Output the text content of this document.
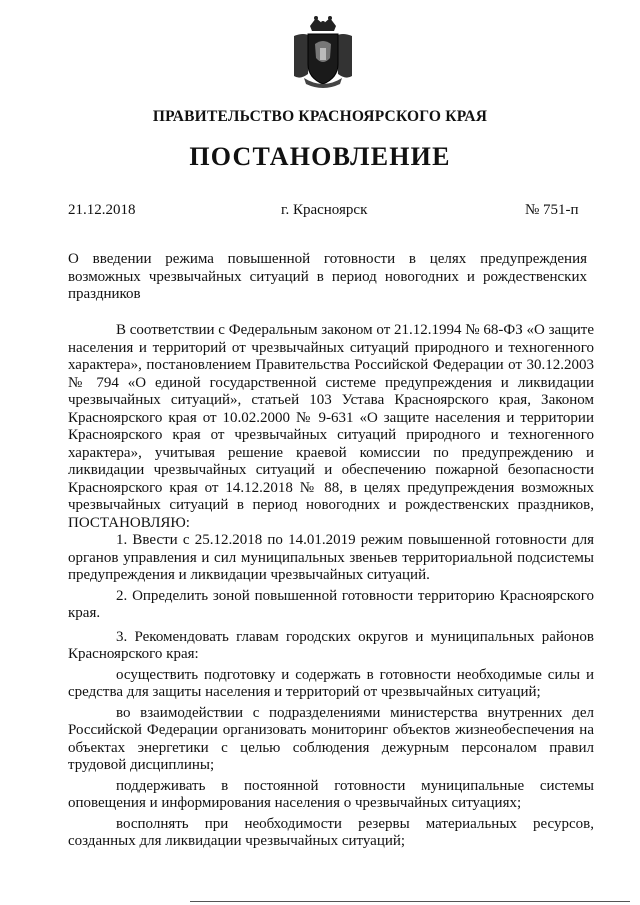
ПРАВИТЕЛЬСТВО КРАСНОЯРСКОГО КРАЯ
ПОСТАНОВЛЕНИЕ
21.12.2018	г. Красноярск	№ 751-п
О введении режима повышенной готовности в целях предупреждения возможных чрезвычайных ситуаций в период новогодних и рождественских праздников

В соответствии с Федеральным законом от 21.12.1994 № 68-ФЗ «О защите населения и территорий от чрезвычайных ситуаций природного и техногенного характера», постановлением Правительства Российской Федерации от 30.12.2003 № 794 «О единой государственной системе предупреждения и ликвидации чрезвычайных ситуаций», статьей 103 Устава Красноярского края, Законом Красноярского края от 10.02.2000 № 9-631 «О защите населения и территории Красноярского края от чрезвычайных ситуаций природного и техногенного характера», учитывая решение краевой комиссии по предупреждению и ликвидации чрезвычайных ситуаций и обеспечению пожарной безопасности Красноярского края от 14.12.2018 № 88, в целях предупреждения возможных чрезвычайных ситуаций в период новогодних и рождественских праздников, ПОСТАНОВЛЯЮ:

1. Ввести с 25.12.2018 по 14.01.2019 режим повышенной готовности для органов управления и сил муниципальных звеньев территориальной подсистемы предупреждения и ликвидации чрезвычайных ситуаций.

2. Определить зоной повышенной готовности территорию Красноярского края.

3. Рекомендовать главам городских округов и муниципальных районов Красноярского края:

осуществить подготовку и содержать в готовности необходимые силы и средства для защиты населения и территорий от чрезвычайных ситуаций;

во взаимодействии с подразделениями министерства внутренних дел Российской Федерации организовать мониторинг объектов жизнеобеспечения на объектах энергетики с целью соблюдения дежурным персоналом правил трудовой дисциплины;

поддерживать в постоянной готовности муниципальные системы оповещения и информирования населения о чрезвычайных ситуациях;

восполнять при необходимости резервы материальных ресурсов, созданных для ликвидации чрезвычайных ситуаций;
